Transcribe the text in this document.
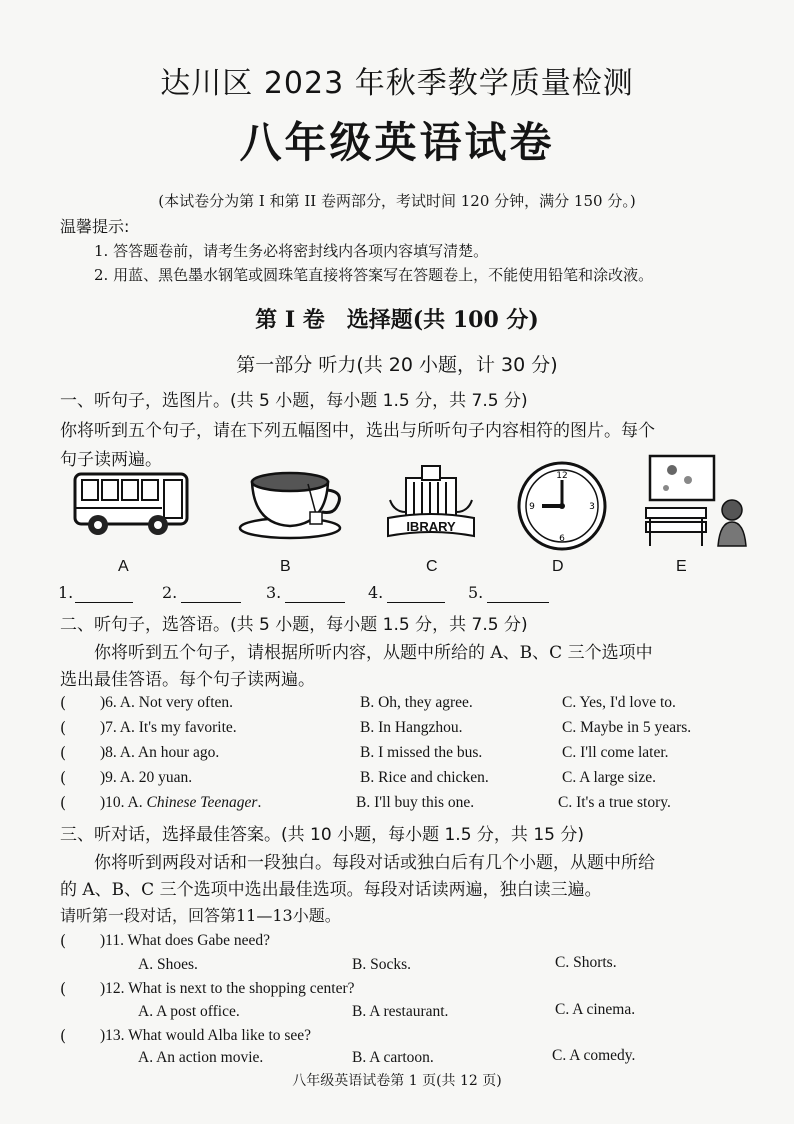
达川区 2023 年秋季教学质量检测
八年级英语试卷
(本试卷分为第 I 和第 II 卷两部分，考试时间 120 分钟，满分 150 分。)
温馨提示:
1. 答答题卷前，请考生务必将密封线内各项内容填写清楚。
2. 用蓝、黑色墨水钢笔或圆珠笔直接将答案写在答题卷上，不能使用铅笔和涂改液。
第 I 卷　选择题(共 100 分)
第一部分 听力(共 20 小题，计 30 分)
一、听句子，选图片。(共 5 小题，每小题 1.5 分，共 7.5 分)
你将听到五个句子，请在下列五幅图中，选出与所听句子内容相符的图片。每个
句子读两遍。
IBRARY
12
3
6
9
A	B	C	D	E
1.	2.	3.	4.	5.
二、听句子，选答语。(共 5 小题，每小题 1.5 分，共 7.5 分)
你将听到五个句子，请根据所听内容，从题中所给的 A、B、C 三个选项中
选出最佳答语。每个句子读两遍。
( )6. A. Not very often.	B. Oh, they agree.	C. Yes, I'd love to.
( )7. A. It's my favorite.	B. In Hangzhou.	C. Maybe in 5 years.
( )8. A. An hour ago.	B. I missed the bus.	C. I'll come later.
( )9. A. 20 yuan.	B. Rice and chicken.	C. A large size.
( )10. A. Chinese Teenager.	B. I'll buy this one.	C. It's a true story.
三、听对话，选择最佳答案。(共 10 小题，每小题 1.5 分，共 15 分)
你将听到两段对话和一段独白。每段对话或独白后有几个小题，从题中所给
的 A、B、C 三个选项中选出最佳选项。每段对话读两遍，独白读三遍。
请听第一段对话，回答第11—13小题。
( )11. What does Gabe need?
A. Shoes.	B. Socks.	C. Shorts.
( )12. What is next to the shopping center?
A. A post office.	B. A restaurant.	C. A cinema.
( )13. What would Alba like to see?
A. An action movie.	B. A cartoon.	C. A comedy.
八年级英语试卷第 1 页(共 12 页)
